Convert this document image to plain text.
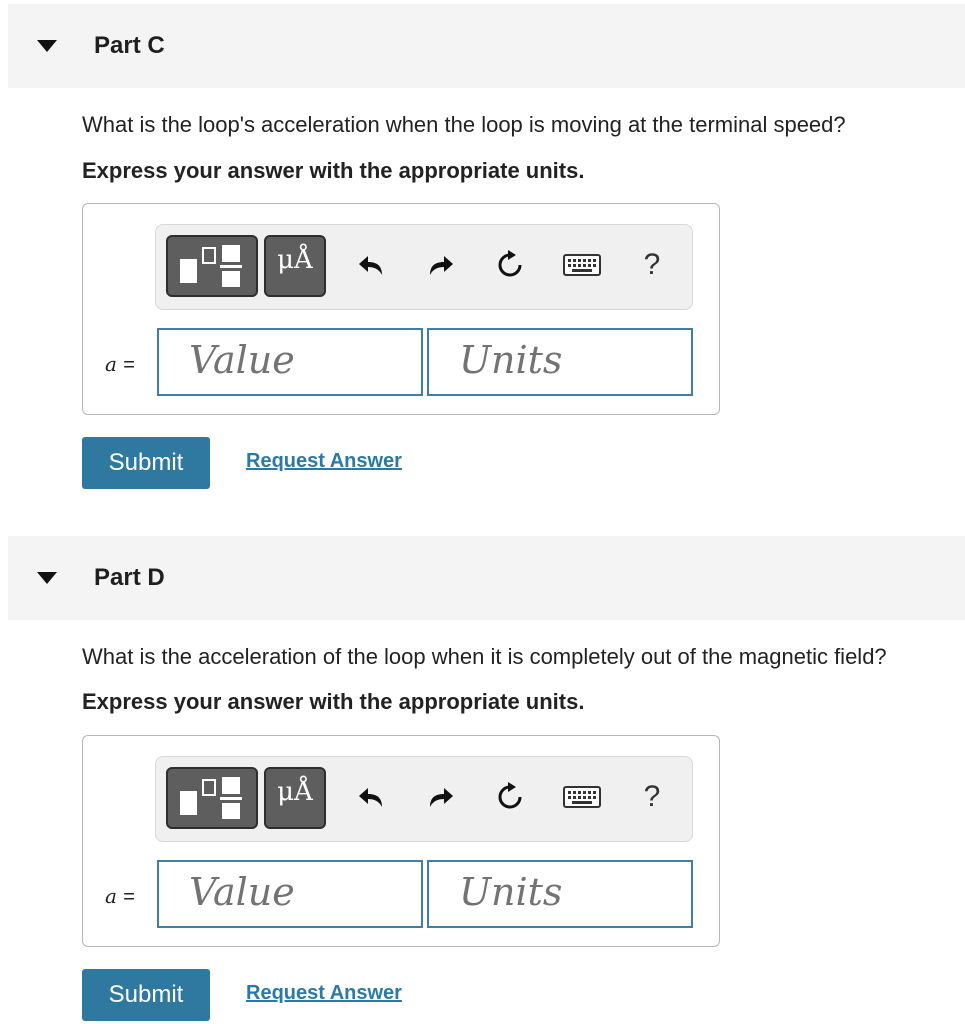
Part C
What is the loop's acceleration when the loop is moving at the terminal speed?
Express your answer with the appropriate units.
μÅ	?
a =	Value	Units
Submit	Request Answer
Part D
What is the acceleration of the loop when it is completely out of the magnetic field?
Express your answer with the appropriate units.
μÅ	?
a =	Value	Units
Submit	Request Answer
